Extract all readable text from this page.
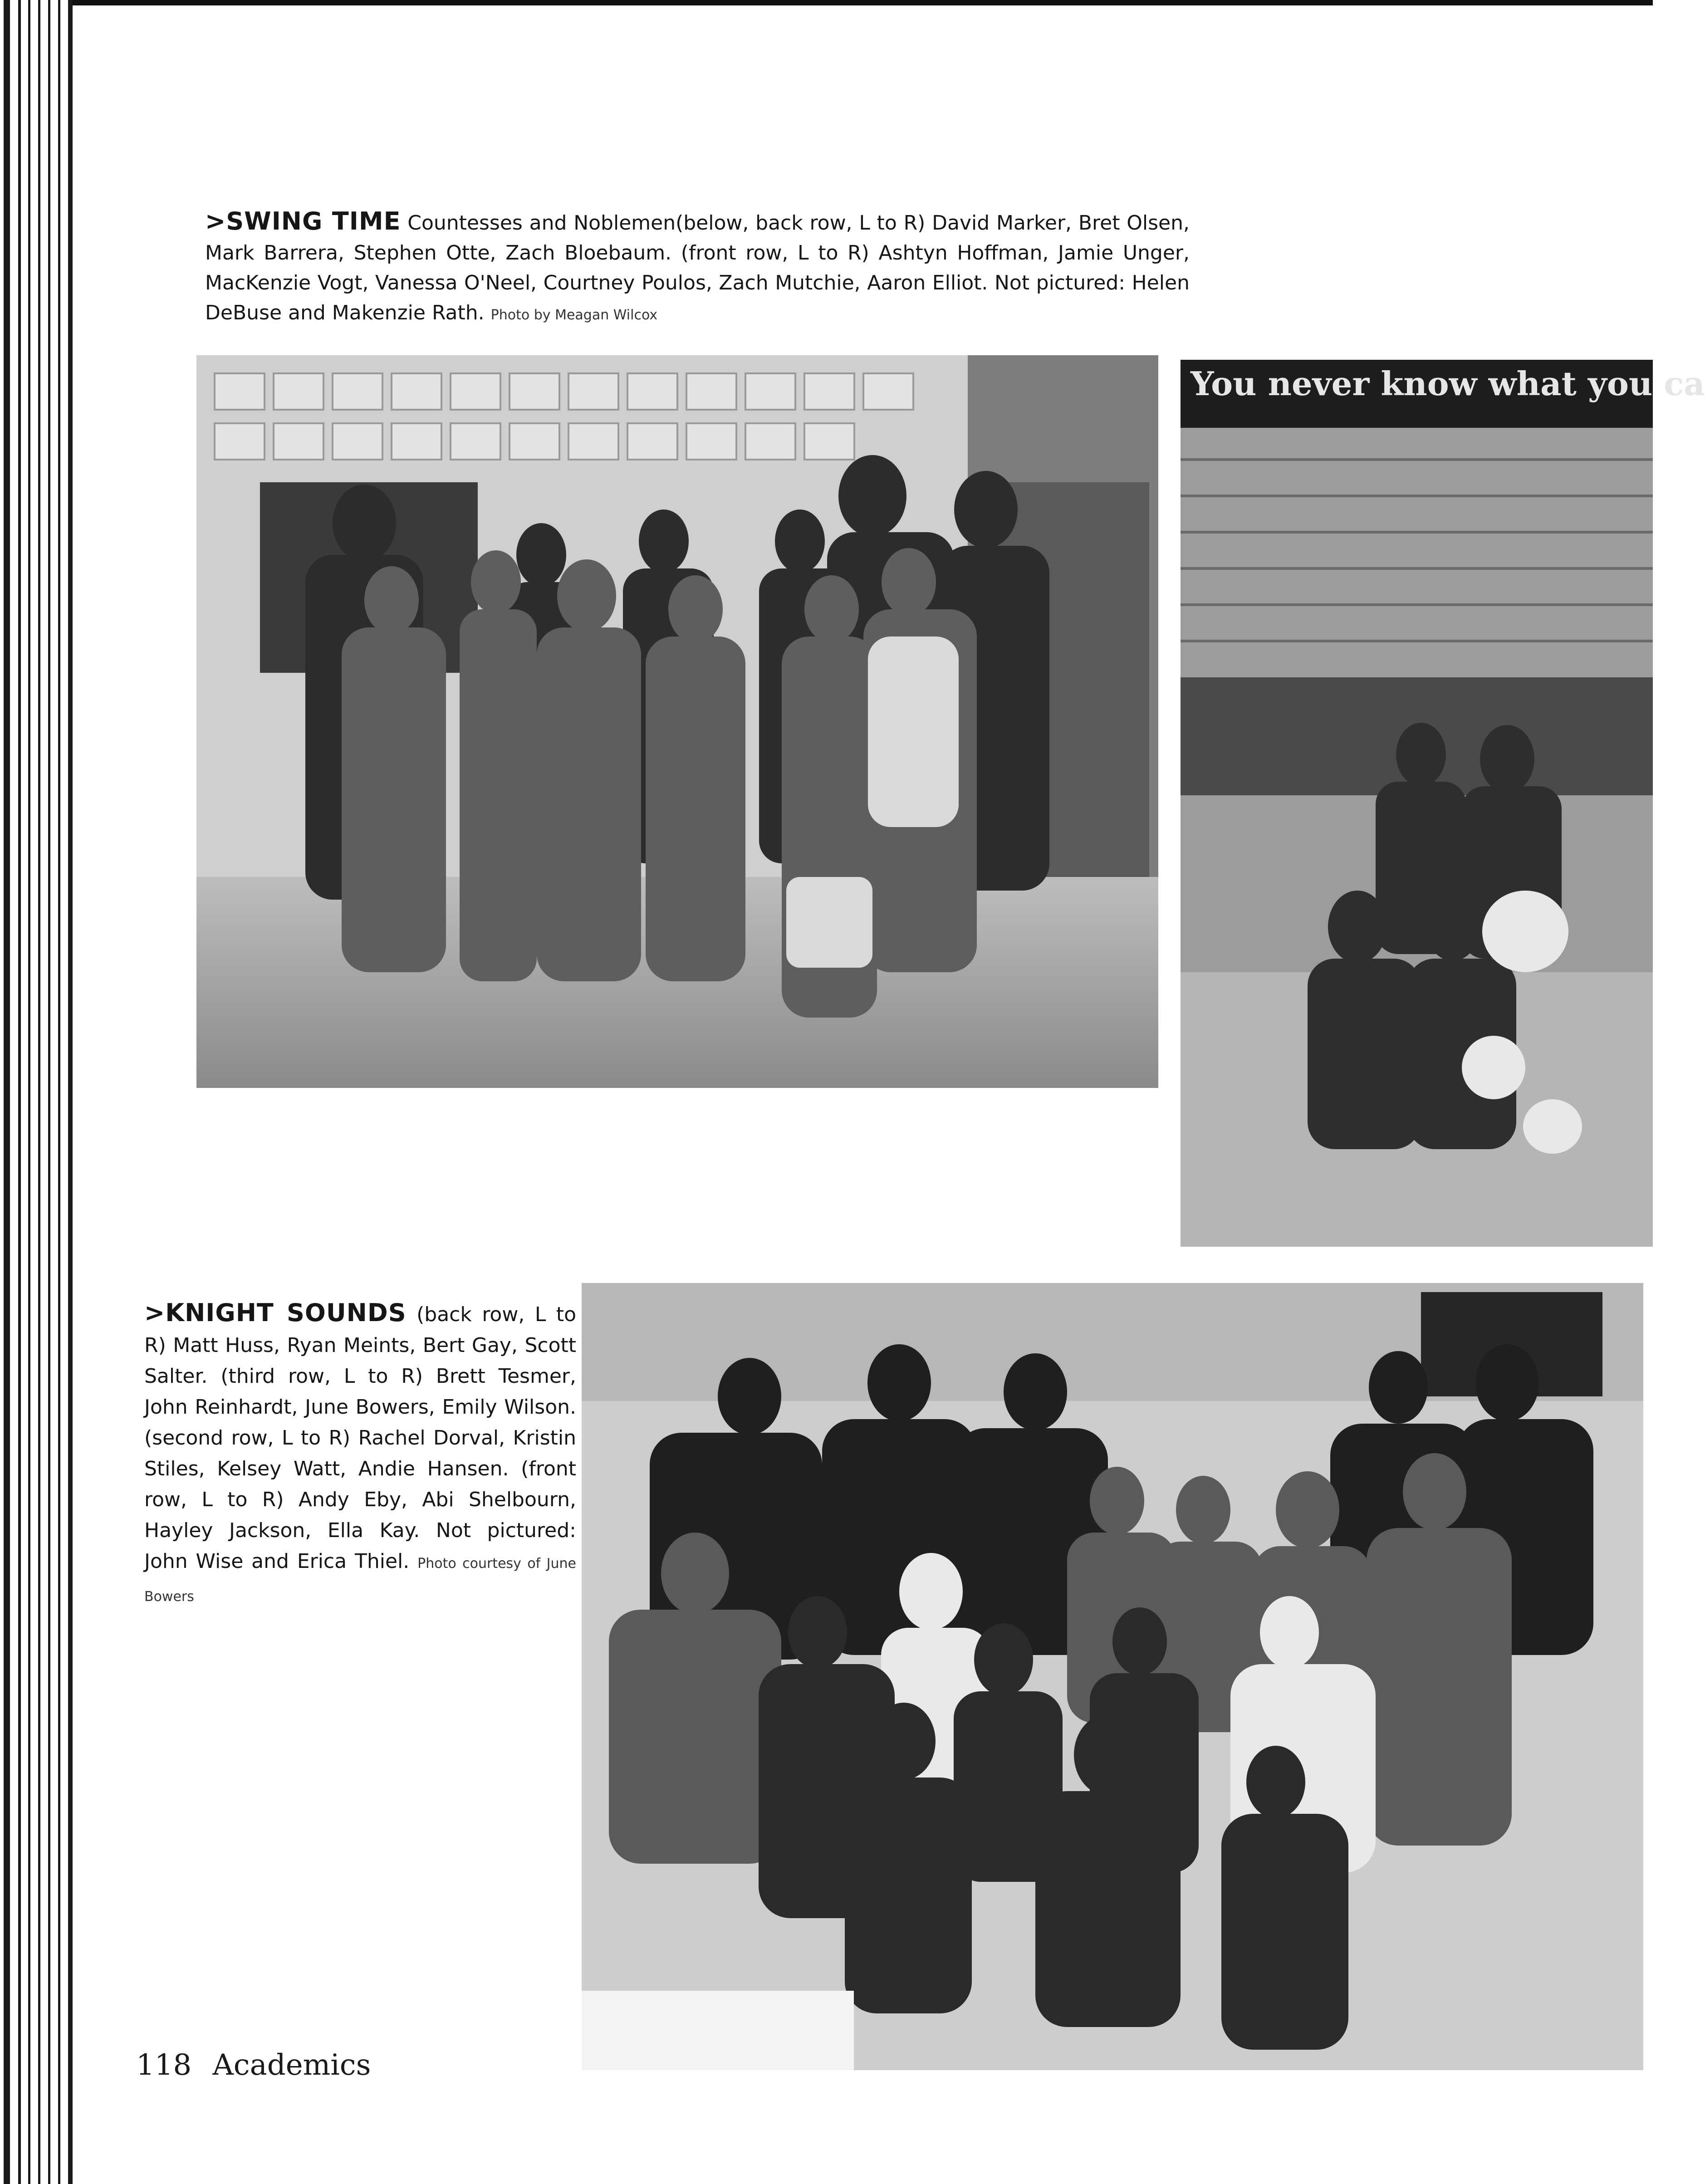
>SWING TIME Countesses and Noblemen(below, back row, L to R) David Marker, Bret Olsen, Mark Barrera, Stephen Otte, Zach Bloebaum. (front row, L to R) Ashtyn Hoffman, Jamie Unger, MacKenzie Vogt, Vanessa O'Neel, Courtney Poulos, Zach Mutchie, Aaron Elliot. Not pictured: Helen DeBuse and Makenzie Rath. Photo by Meagan Wilcox
You never know what you ca
>KNIGHT SOUNDS (back row, L to R) Matt Huss, Ryan Meints, Bert Gay, Scott Salter. (third row, L to R) Brett Tesmer, John Reinhardt, June Bowers, Emily Wilson. (second row, L to R) Rachel Dorval, Kristin Stiles, Kelsey Watt, Andie Hansen. (front row, L to R) Andy Eby, Abi Shelbourn, Hayley Jackson, Ella Kay. Not pictured: John Wise and Erica Thiel. Photo courtesy of June Bowers
118 Academics
